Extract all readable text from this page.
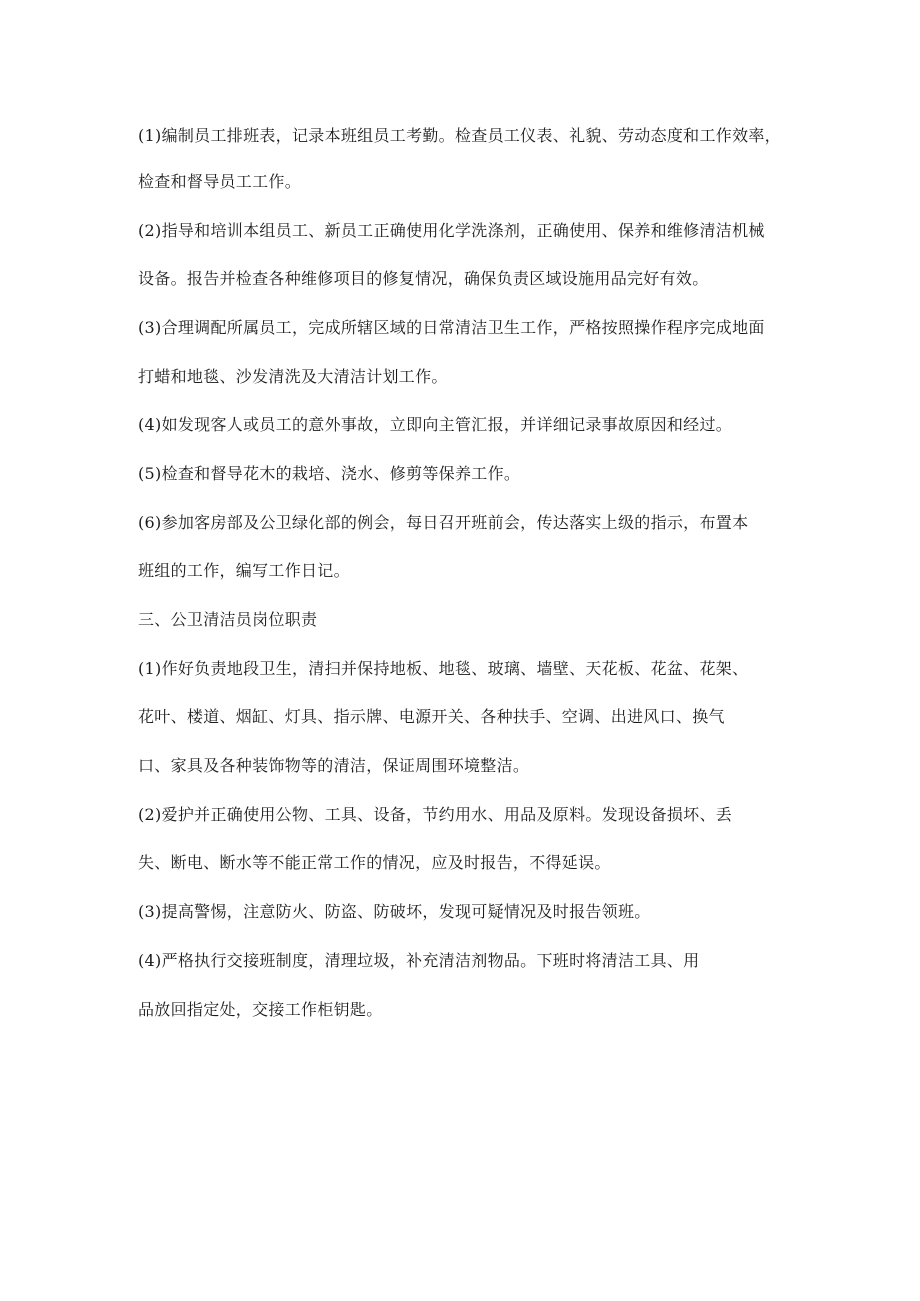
(1)编制员工排班表，记录本班组员工考勤。检查员工仪表、礼貌、劳动态度和工作效率，
检查和督导员工工作。
(2)指导和培训本组员工、新员工正确使用化学洗涤剂，正确使用、保养和维修清洁机械
设备。报告并检查各种维修项目的修复情况，确保负责区域设施用品完好有效。
(3)合理调配所属员工，完成所辖区域的日常清洁卫生工作，严格按照操作程序完成地面
打蜡和地毯、沙发清洗及大清洁计划工作。
(4)如发现客人或员工的意外事故，立即向主管汇报，并详细记录事故原因和经过。
(5)检查和督导花木的栽培、浇水、修剪等保养工作。
(6)参加客房部及公卫绿化部的例会，每日召开班前会，传达落实上级的指示，布置本
班组的工作，编写工作日记。
三、公卫清洁员岗位职责
(1)作好负责地段卫生，清扫并保持地板、地毯、玻璃、墙壁、天花板、花盆、花架、
花叶、楼道、烟缸、灯具、指示牌、电源开关、各种扶手、空调、出进风口、换气
口、家具及各种装饰物等的清洁，保证周围环境整洁。
(2)爱护并正确使用公物、工具、设备，节约用水、用品及原料。发现设备损坏、丢
失、断电、断水等不能正常工作的情况，应及时报告，不得延误。
(3)提高警惕，注意防火、防盗、防破坏，发现可疑情况及时报告领班。
(4)严格执行交接班制度，清理垃圾，补充清洁剂物品。下班时将清洁工具、用
品放回指定处，交接工作柜钥匙。
